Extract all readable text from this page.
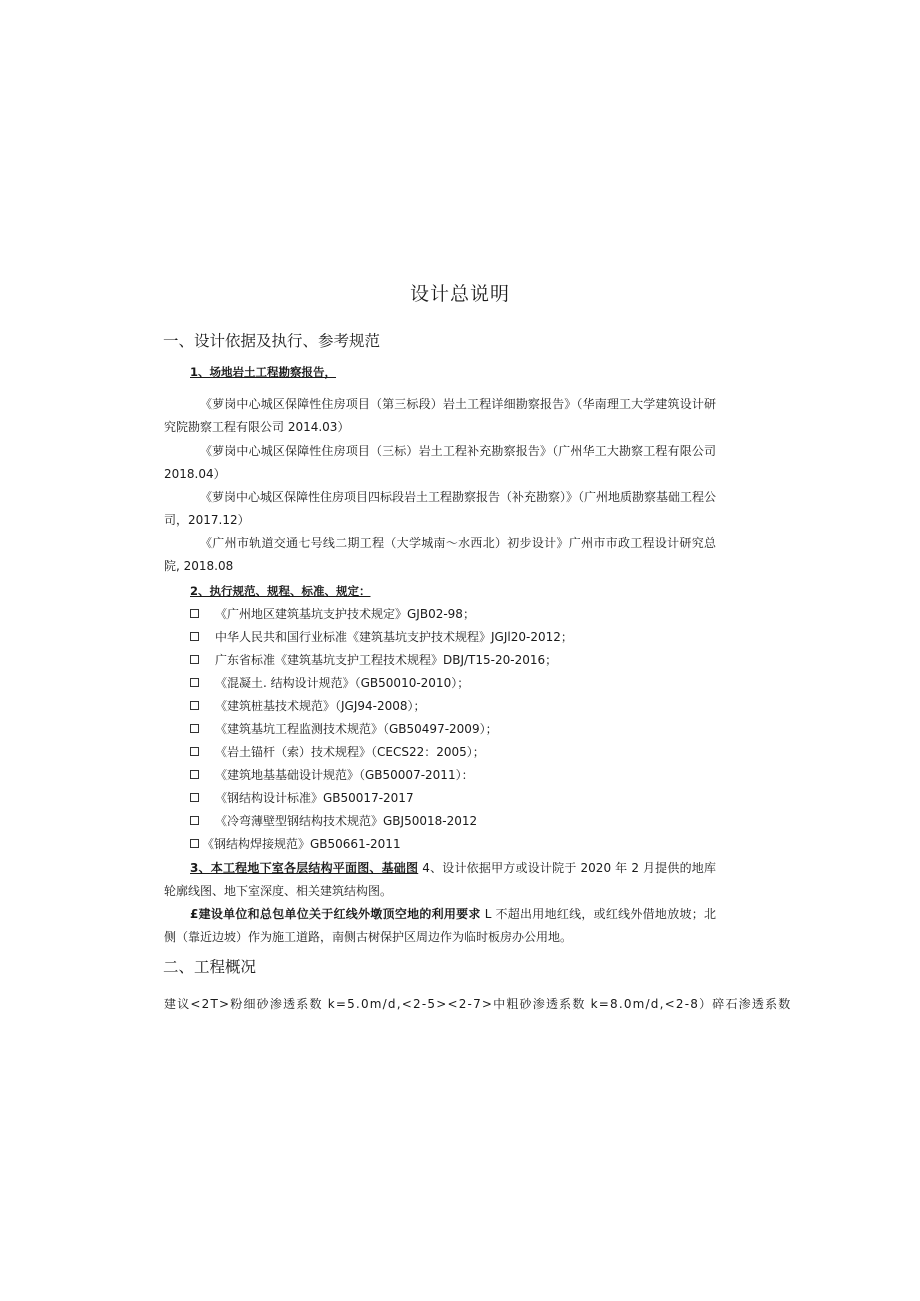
设计总说明
一、设计依据及执行、参考规范
1、场地岩土工程勘察报告，

《萝岗中心城区保障性住房项目（第三标段）岩土工程详细勘察报告》（华南理工大学建筑设计研究院勘察工程有限公司 2014.03）

《萝岗中心城区保障性住房项目（三标）岩土工程补充勘察报告》（广州华工大勘察工程有限公司 2018.04）

《萝岗中心城区保障性住房项目四标段岩土工程勘察报告（补充勘察）》（广州地质勘察基础工程公司，2017.12）

《广州市轨道交通七号线二期工程（大学城南～水西北）初步设计》广州市市政工程设计研究总院, 2018.08

2、执行规范、规程、标准、规定：
《广州地区建筑基坑支护技术规定》GJB02-98；
中华人民共和国行业标准《建筑基坑支护技术规程》JGJl20-2012；
广东省标准《建筑基坑支护工程技术规程》DBJ/T15-20-2016；
《混凝土. 结构设计规范》（GB50010-2010）；
《建筑桩基技术规范》（JGJ94-2008）；
《建筑基坑工程监测技术规范》（GB50497-2009）；
《岩土锚杆（索）技术规程》（CECS22：2005）；
《建筑地基基础设计规范》（GB50007-2011）：
《钢结构设计标准》GB50017-2017
《冷弯薄壁型钢结构技术规范》GBJ50018-2012
《钢结构焊接规范》GB50661-2011

3、本工程地下室各层结构平面图、基础图 4、设计依据甲方或设计院于 2020 年 2 月提供的地库轮廓线图、地下室深度、相关建筑结构图。

£建设单位和总包单位关于红线外墩顶空地的利用要求 L 不超出用地红线，或红线外借地放坡；北侧（靠近边坡）作为施工道路，南侧古树保护区周边作为临时板房办公用地。

二、工程概况

建议<2T>粉细砂渗透系数 k=5.0m/d,<2-5><2-7>中粗砂渗透系数 k=8.0m/d,<2-8）碎石渗透系数
